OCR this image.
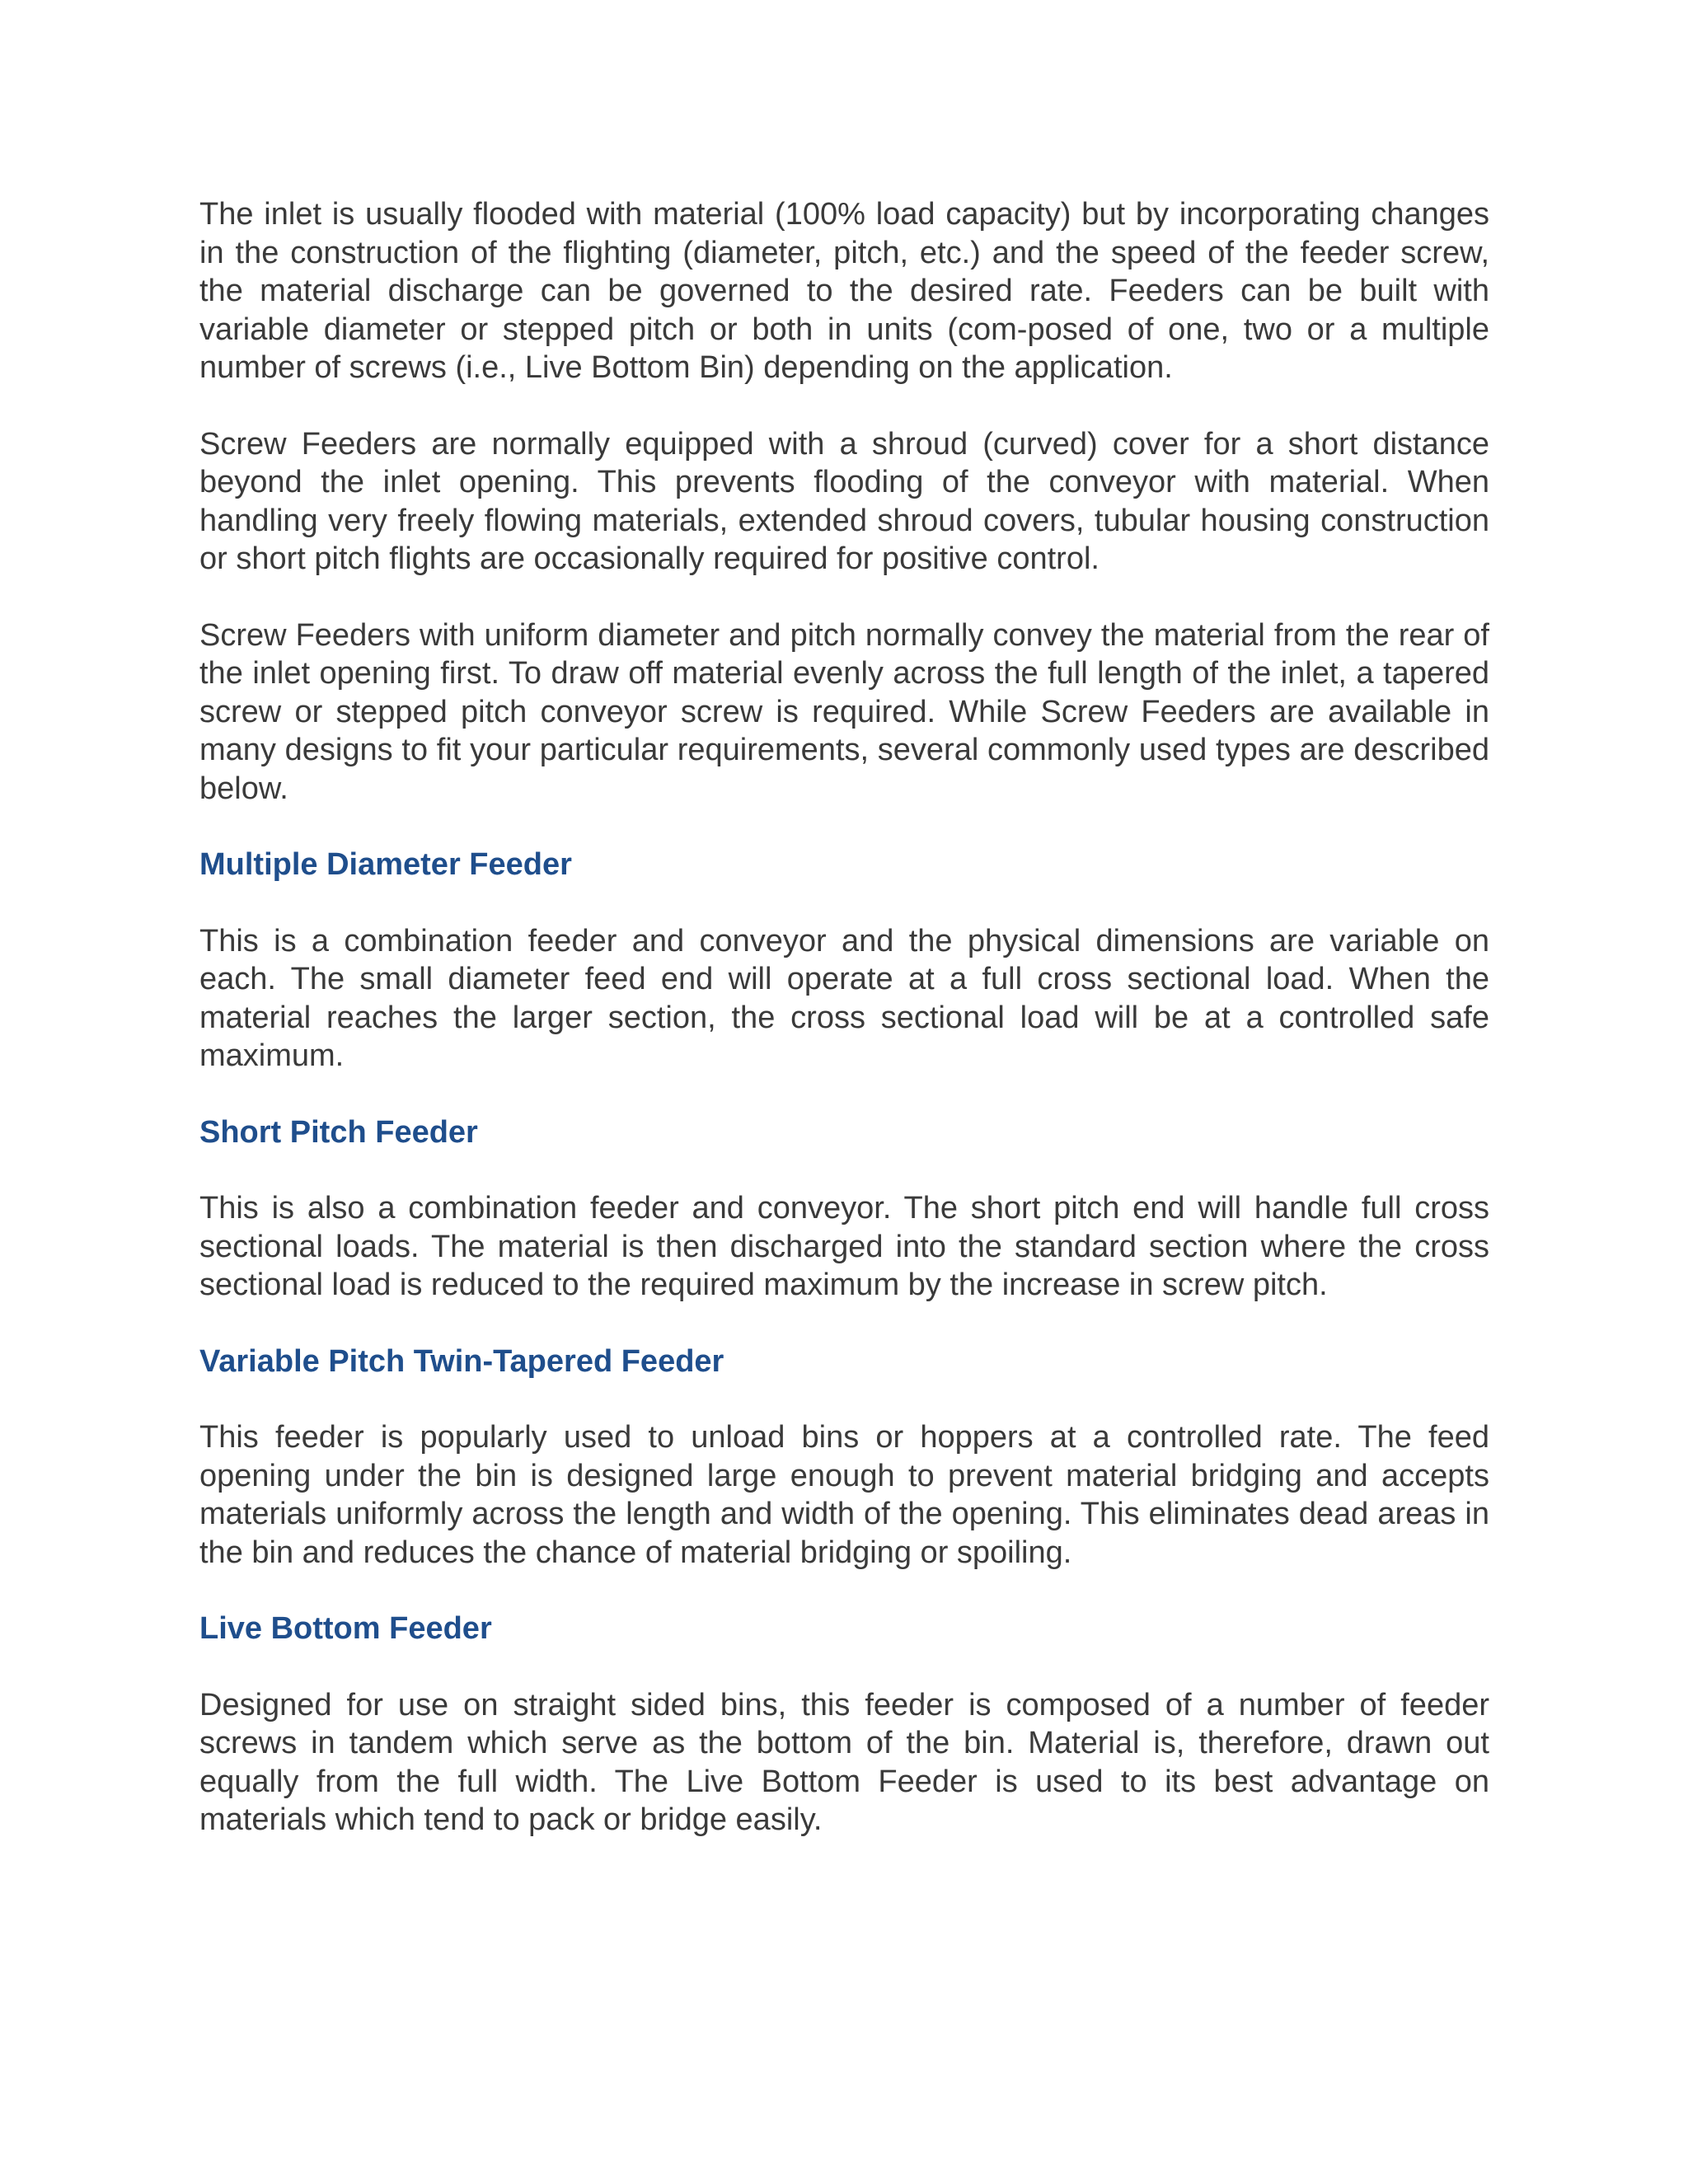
The inlet is usually flooded with material (100% load capacity) but by incorporating changes in the construction of the flighting (diameter, pitch, etc.) and the speed of the feeder screw, the material discharge can be governed to the desired rate. Feeders can be built with variable diameter or stepped pitch or both in units (com-posed of one, two or a multiple number of screws (i.e., Live Bottom Bin) depending on the application.

Screw Feeders are normally equipped with a shroud (curved) cover for a short distance beyond the inlet opening. This prevents flooding of the conveyor with material. When handling very freely flowing materials, extended shroud covers, tubular housing construction or short pitch flights are occasionally required for positive control.

Screw Feeders with uniform diameter and pitch normally convey the material from the rear of the inlet opening first. To draw off material evenly across the full length of the inlet, a tapered screw or stepped pitch conveyor screw is required. While Screw Feeders are available in many designs to fit your particular requirements, several commonly used types are described below.

Multiple Diameter Feeder

This is a combination feeder and conveyor and the physical dimensions are variable on each. The small diameter feed end will operate at a full cross sectional load. When the material reaches the larger section, the cross sectional load will be at a controlled safe maximum.

Short Pitch Feeder

This is also a combination feeder and conveyor. The short pitch end will handle full cross sectional loads. The material is then discharged into the standard section where the cross sectional load is reduced to the required maximum by the increase in screw pitch.

Variable Pitch Twin-Tapered Feeder

This feeder is popularly used to unload bins or hoppers at a controlled rate. The feed opening under the bin is designed large enough to prevent material bridging and accepts materials uniformly across the length and width of the opening. This eliminates dead areas in the bin and reduces the chance of material bridging or spoiling.

Live Bottom Feeder

Designed for use on straight sided bins, this feeder is composed of a number of feeder screws in tandem which serve as the bottom of the bin. Material is, therefore, drawn out equally from the full width. The Live Bottom Feeder is used to its best advantage on materials which tend to pack or bridge easily.
